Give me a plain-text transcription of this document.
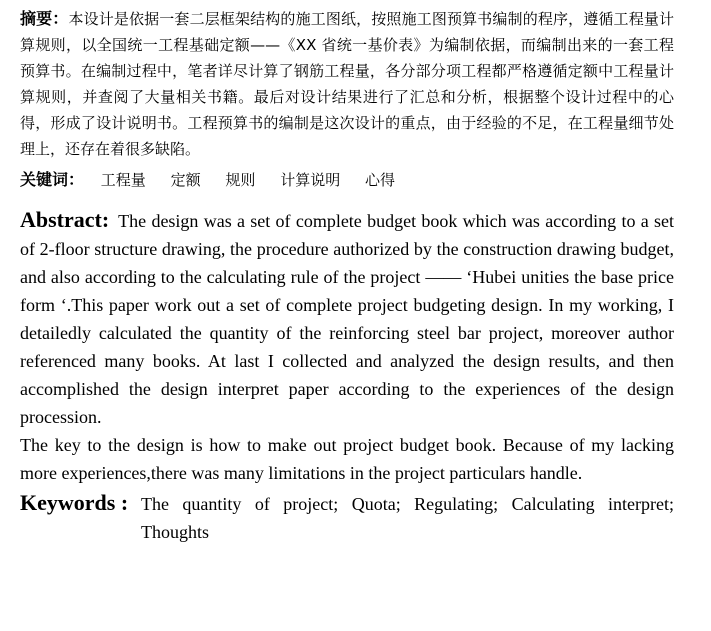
摘要：本设计是依据一套二层框架结构的施工图纸，按照施工图预算书编制的程序，遵循工程量计算规则，以全国统一工程基础定额——《XX 省统一基价表》为编制依据，而编制出来的一套工程预算书。在编制过程中，笔者详尽计算了钢筋工程量，各分部分项工程都严格遵循定额中工程量计算规则，并查阅了大量相关书籍。最后对设计结果进行了汇总和分析，根据整个设计过程中的心得，形成了设计说明书。工程预算书的编制是这次设计的重点，由于经验的不足，在工程量细节处理上，还存在着很多缺陷。

关键词： 工程量 定额 规则 计算说明 心得

Abstract: The design was a set of complete budget book which was according to a set of 2-floor structure drawing, the procedure authorized by the construction drawing budget, and also according to the calculating rule of the project —— ‘Hubei unities the base price form ‘.This paper work out a set of complete project budgeting design. In my working, I detailedly calculated the quantity of the reinforcing steel bar project, moreover author referenced many books. At last I collected and analyzed the design results, and then accomplished the design interpret paper according to the experiences of the design procession.

The key to the design is how to make out project budget book. Because of my lacking more experiences,there was many limitations in the project particulars handle.

Keywords : The quantity of project; Quota; Regulating; Calculating interpret; Thoughts
